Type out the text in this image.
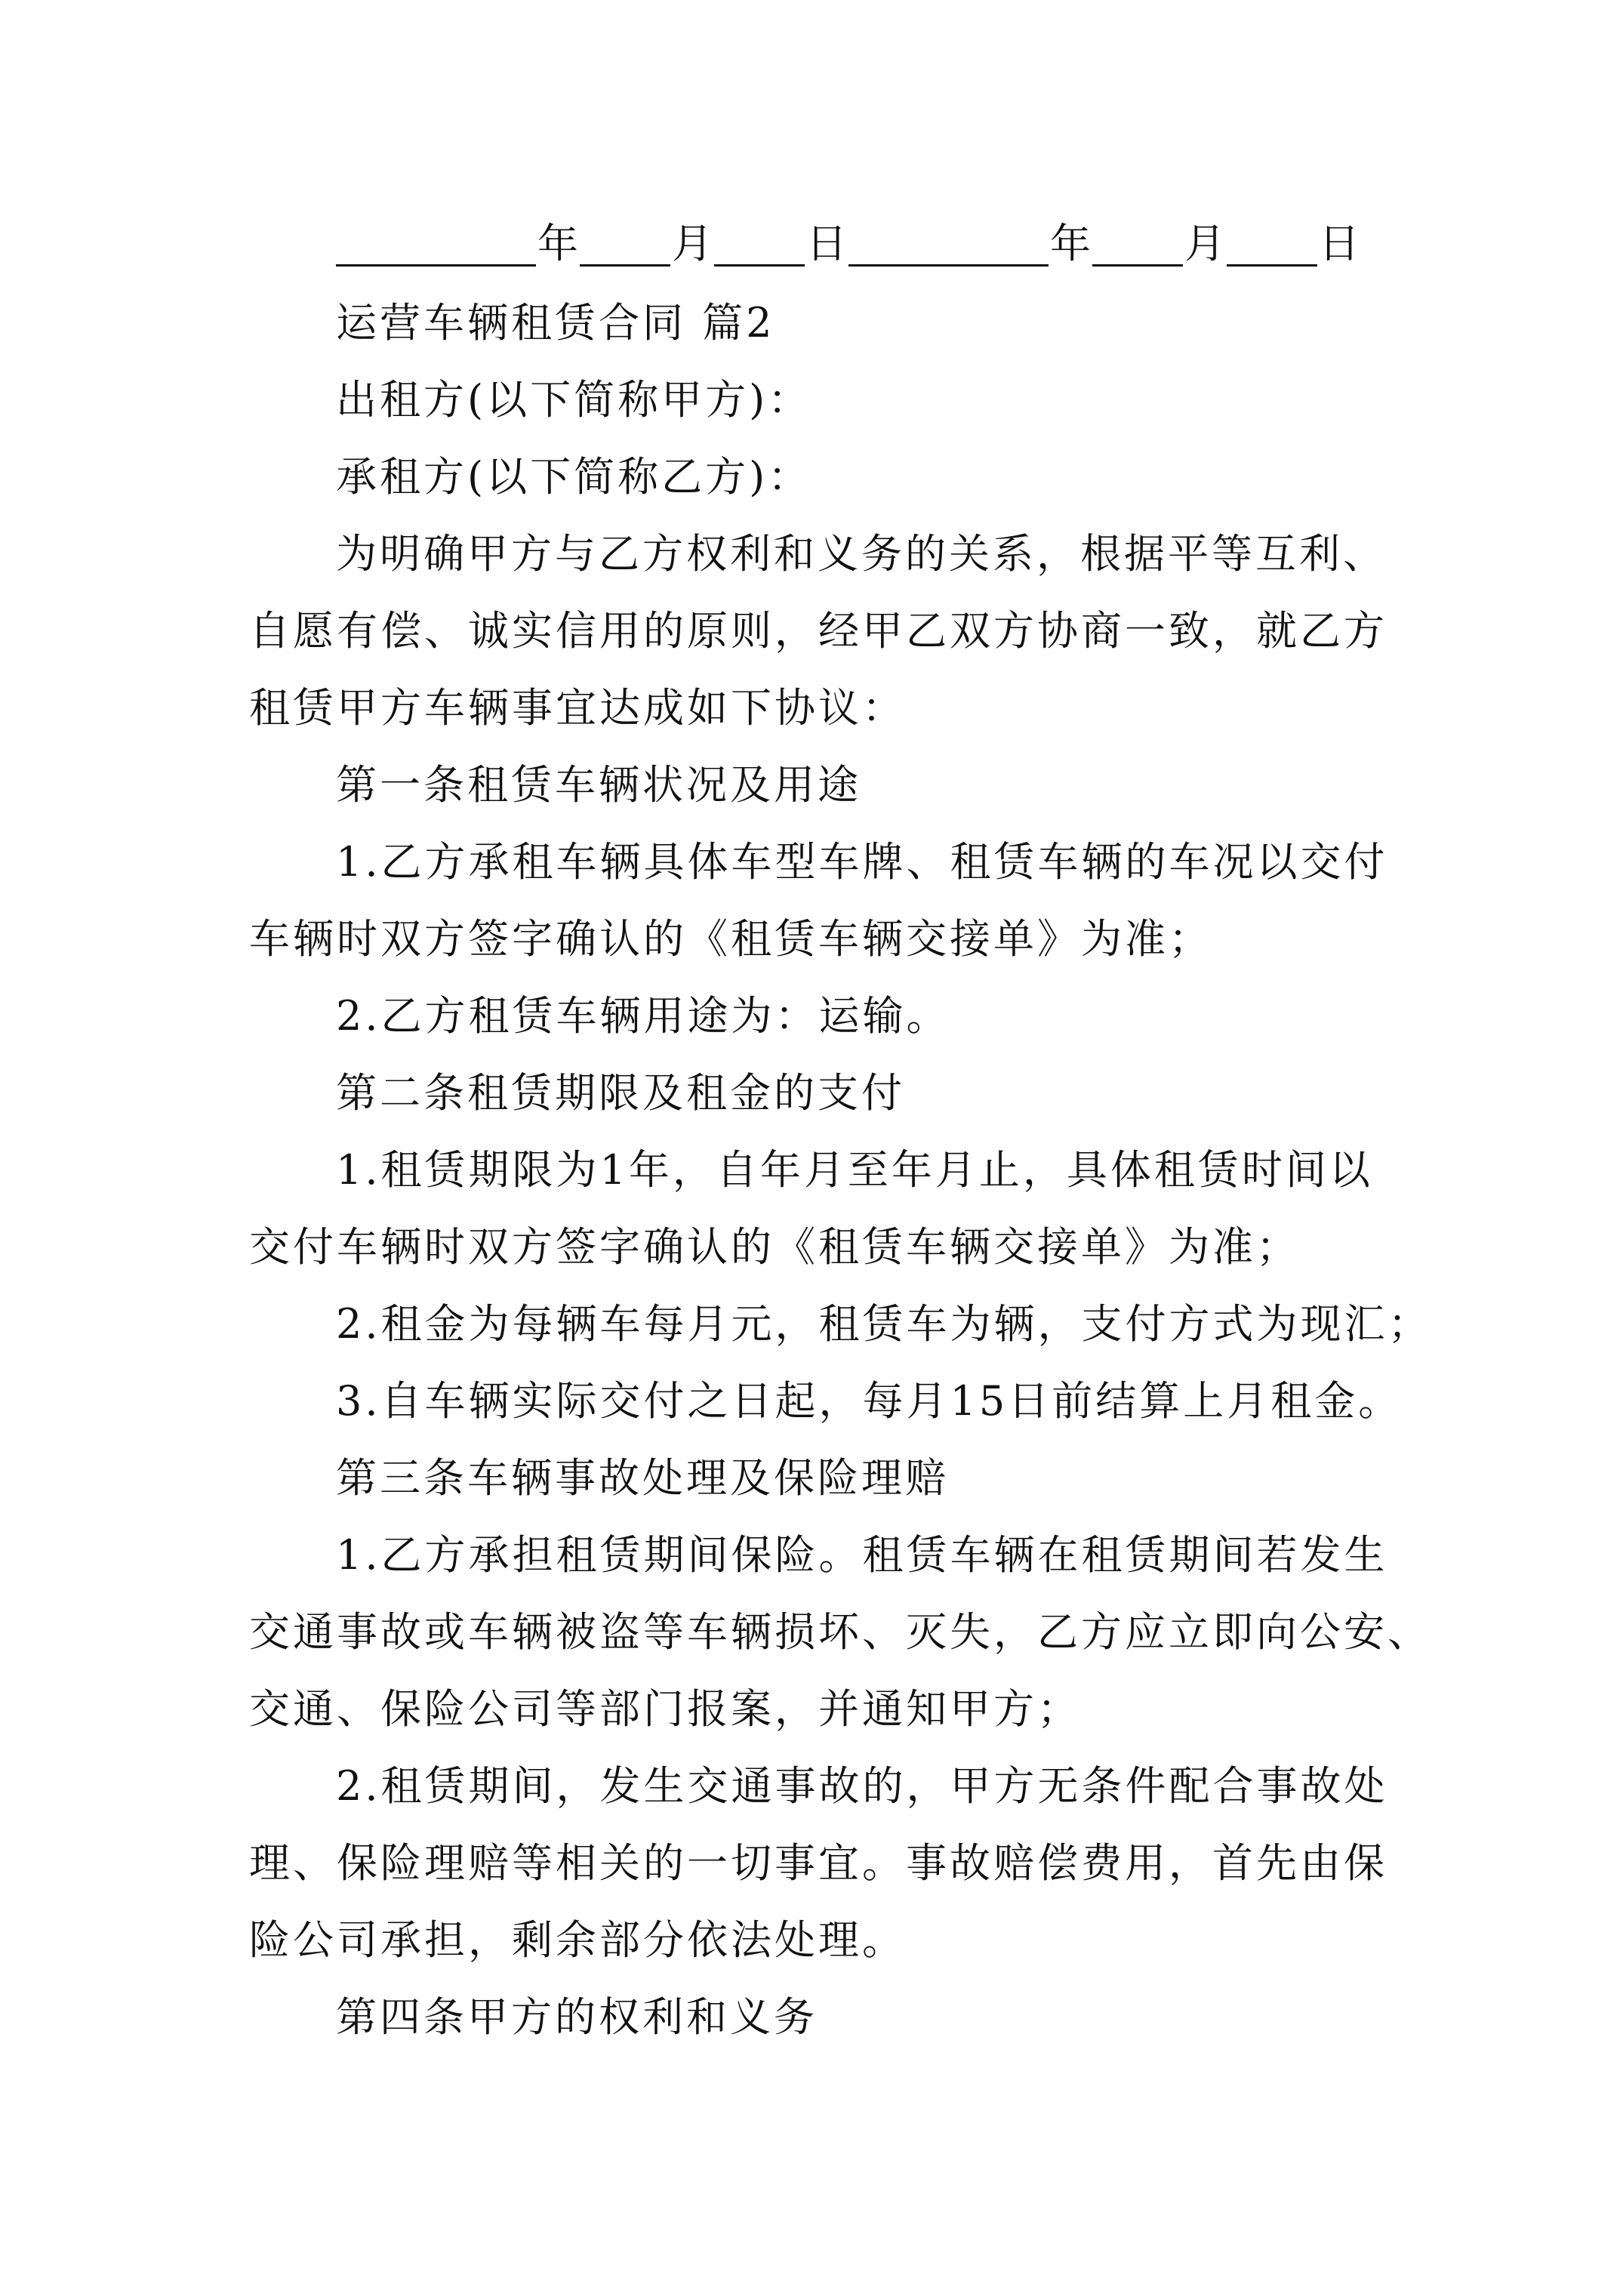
年 月 日	年 月 日
运营车辆租赁合同 篇2
出租方(以下简称甲方)：
承租方(以下简称乙方)：
为明确甲方与乙方权利和义务的关系，根据平等互利、
自愿有偿、诚实信用的原则，经甲乙双方协商一致，就乙方
租赁甲方车辆事宜达成如下协议：
第一条租赁车辆状况及用途
1.乙方承租车辆具体车型车牌、租赁车辆的车况以交付
车辆时双方签字确认的《租赁车辆交接单》为准；
2.乙方租赁车辆用途为：运输。
第二条租赁期限及租金的支付
1.租赁期限为1年，自年月至年月止，具体租赁时间以
交付车辆时双方签字确认的《租赁车辆交接单》为准；
2.租金为每辆车每月元，租赁车为辆，支付方式为现汇；
3.自车辆实际交付之日起，每月15日前结算上月租金。
第三条车辆事故处理及保险理赔
1.乙方承担租赁期间保险。租赁车辆在租赁期间若发生
交通事故或车辆被盗等车辆损坏、灭失，乙方应立即向公安、
交通、保险公司等部门报案，并通知甲方；
2.租赁期间，发生交通事故的，甲方无条件配合事故处
理、保险理赔等相关的一切事宜。事故赔偿费用，首先由保
险公司承担，剩余部分依法处理。
第四条甲方的权利和义务
